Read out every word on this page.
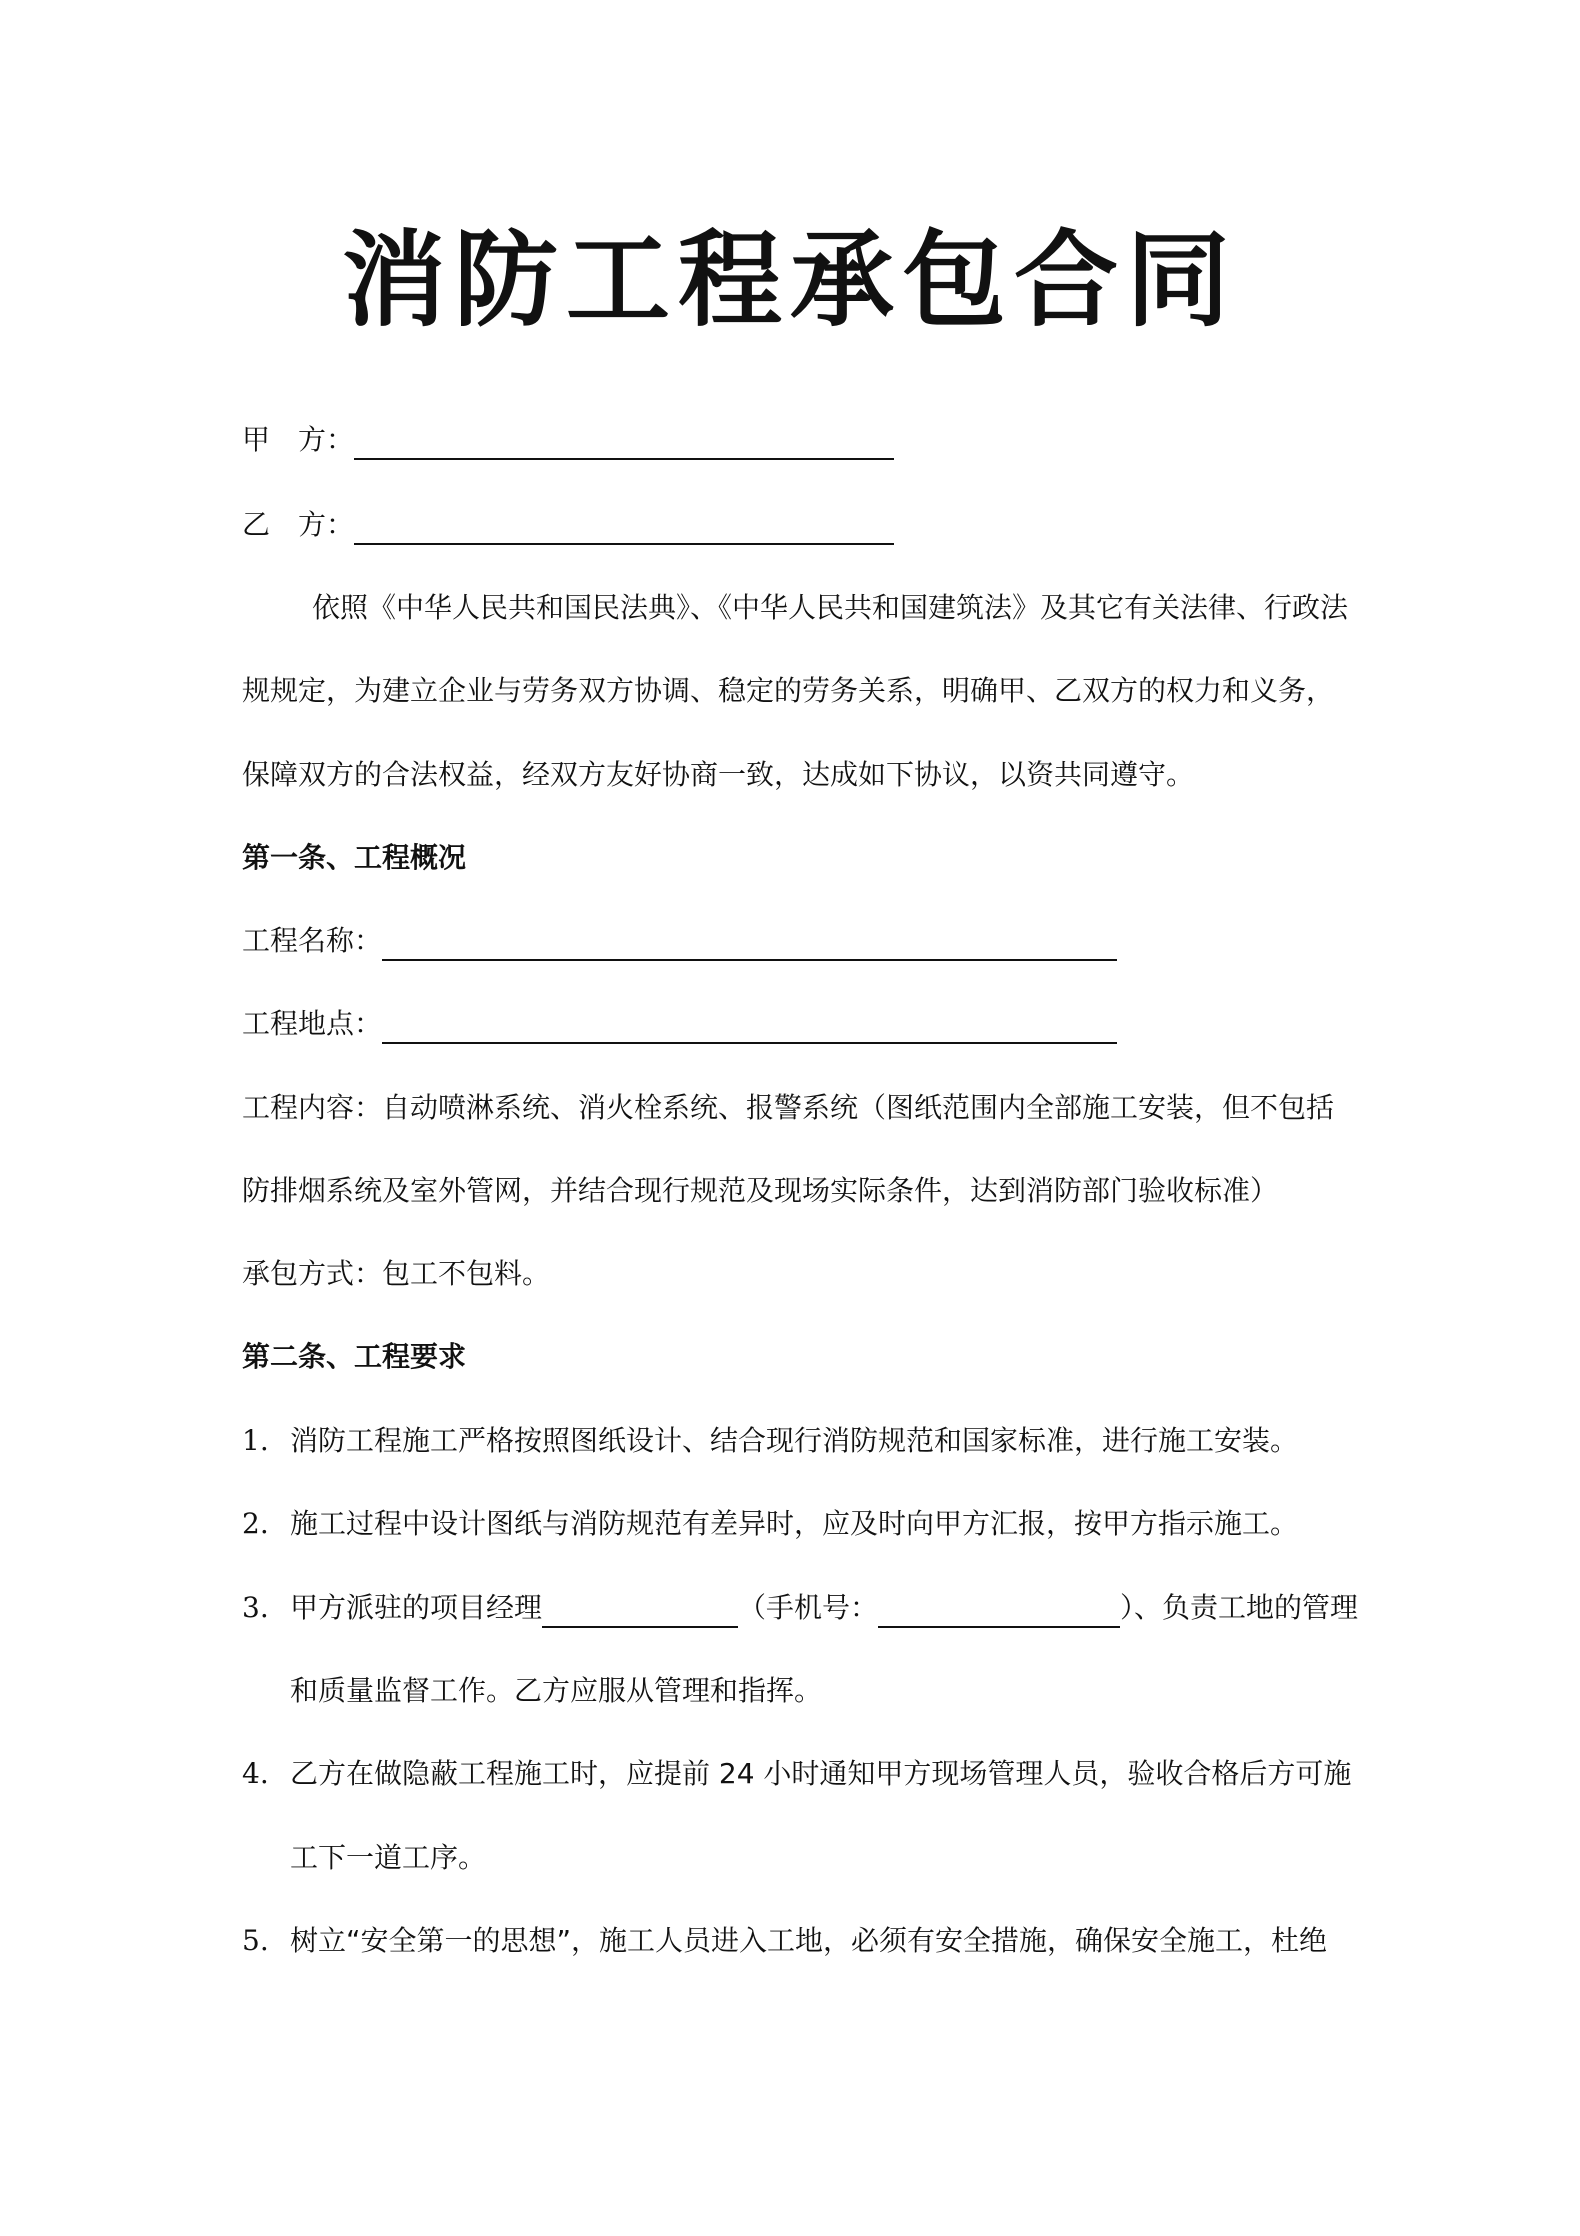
消防工程承包合同
甲　方：
乙　方：
依照《中华人民共和国民法典》、《中华人民共和国建筑法》及其它有关法律、行政法
规规定，为建立企业与劳务双方协调、稳定的劳务关系，明确甲、乙双方的权力和义务，
保障双方的合法权益，经双方友好协商一致，达成如下协议，以资共同遵守。
第一条、工程概况
工程名称：
工程地点：
工程内容：自动喷淋系统、消火栓系统、报警系统（图纸范围内全部施工安装，但不包括
防排烟系统及室外管网，并结合现行规范及现场实际条件，达到消防部门验收标准）
承包方式：包工不包料。
第二条、工程要求
1. 消防工程施工严格按照图纸设计、结合现行消防规范和国家标准，进行施工安装。
2. 施工过程中设计图纸与消防规范有差异时，应及时向甲方汇报，按甲方指示施工。
3. 甲方派驻的项目经理	（手机号：	）、负责工地的管理
和质量监督工作。乙方应服从管理和指挥。
4. 乙方在做隐蔽工程施工时，应提前 24 小时通知甲方现场管理人员，验收合格后方可施
工下一道工序。
5. 树立“安全第一的思想”，施工人员进入工地，必须有安全措施，确保安全施工，杜绝
